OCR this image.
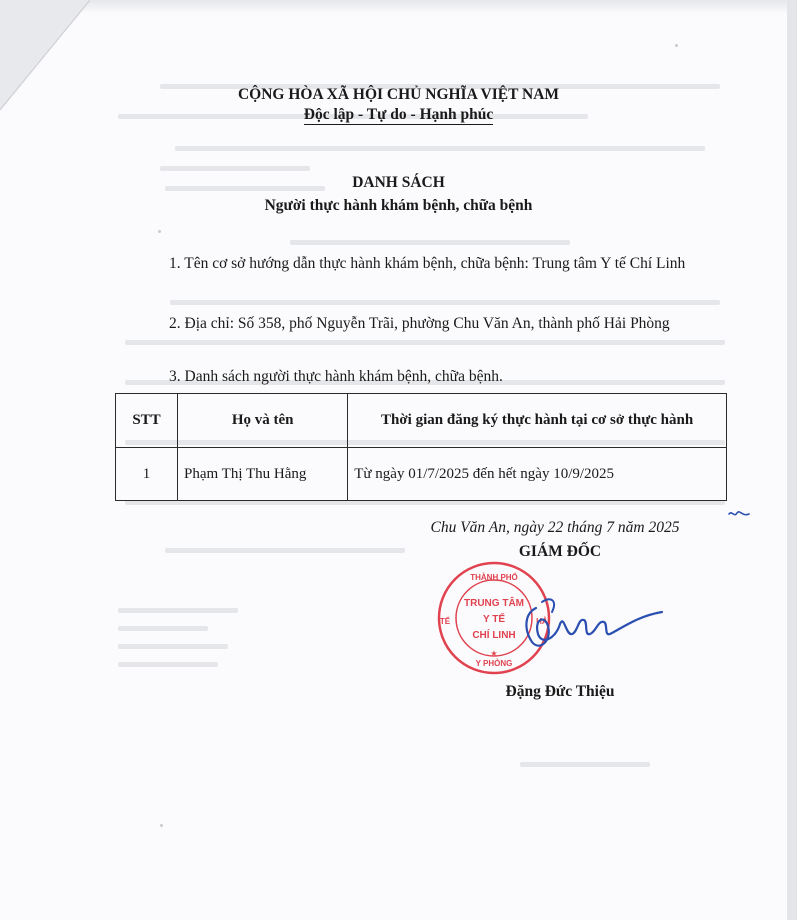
CỘNG HÒA XÃ HỘI CHỦ NGHĨA VIỆT NAM
Độc lập - Tự do - Hạnh phúc
DANH SÁCH
Người thực hành khám bệnh, chữa bệnh
1. Tên cơ sở hướng dẫn thực hành khám bệnh, chữa bệnh: Trung tâm Y tế Chí Linh
2. Địa chỉ: Số 358, phố Nguyễn Trãi, phường Chu Văn An, thành phố Hải Phòng
3. Danh sách người thực hành khám bệnh, chữa bệnh.
STT	Họ và tên	Thời gian đăng ký thực hành tại cơ sở thực hành
1	Phạm Thị Thu Hằng	Từ ngày 01/7/2025 đến hết ngày 10/9/2025
Chu Văn An, ngày 22 tháng 7 năm 2025
GIÁM ĐỐC
THÀNH PHỐ
TẾ	HẢI
Y PHÒNG
TRUNG TÂM
Y TẾ
CHÍ LINH
★
Đặng Đức Thiệu
